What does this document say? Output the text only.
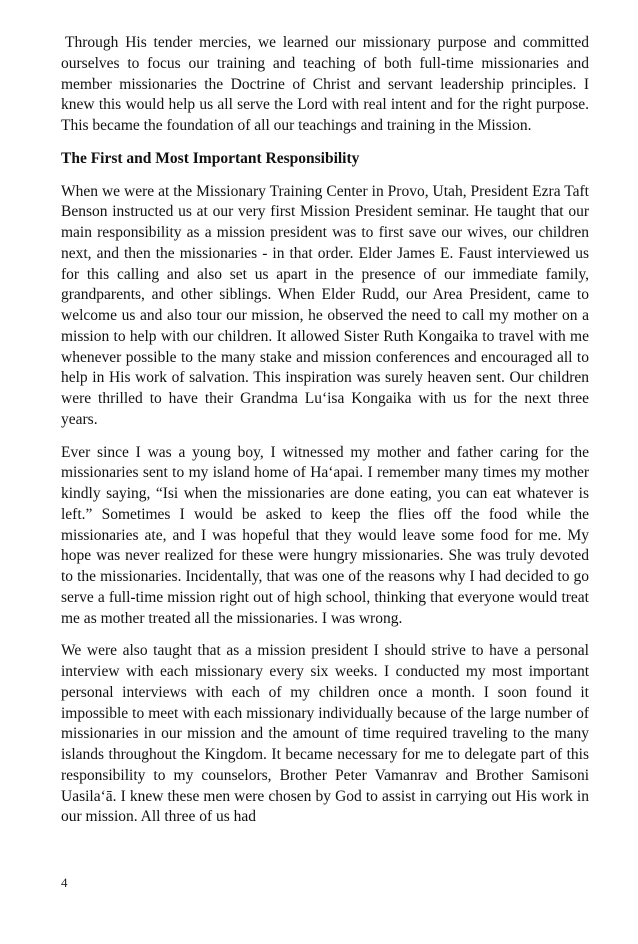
Through His tender mercies, we learned our missionary purpose and committed ourselves to focus our training and teaching of both full-time missionaries and member missionaries the Doctrine of Christ and servant leadership principles. I knew this would help us all serve the Lord with real intent and for the right purpose. This became the foundation of all our teachings and training in the Mission.

The First and Most Important Responsibility

When we were at the Missionary Training Center in Provo, Utah, President Ezra Taft Benson instructed us at our very first Mission President seminar. He taught that our main responsibility as a mission president was to first save our wives, our children next, and then the missionaries - in that order. Elder James E. Faust interviewed us for this calling and also set us apart in the presence of our immediate family, grandparents, and other siblings. When Elder Rudd, our Area President, came to welcome us and also tour our mission, he observed the need to call my mother on a mission to help with our children. It allowed Sister Ruth Kongaika to travel with me whenever possible to the many stake and mission conferences and encouraged all to help in His work of salvation. This inspiration was surely heaven sent. Our children were thrilled to have their Grandma Lu‘isa Kongaika with us for the next three years.

Ever since I was a young boy, I witnessed my mother and father caring for the missionaries sent to my island home of Ha‘apai. I remember many times my mother kindly saying, “Isi when the missionaries are done eating, you can eat whatever is left.” Sometimes I would be asked to keep the flies off the food while the missionaries ate, and I was hopeful that they would leave some food for me. My hope was never realized for these were hungry missionaries. She was truly devoted to the missionaries. Incidentally, that was one of the reasons why I had decided to go serve a full-time mission right out of high school, thinking that everyone would treat me as mother treated all the missionaries. I was wrong.

We were also taught that as a mission president I should strive to have a personal interview with each missionary every six weeks. I conducted my most important personal interviews with each of my children once a month. I soon found it impossible to meet with each missionary individually because of the large number of missionaries in our mission and the amount of time required traveling to the many islands throughout the Kingdom. It became necessary for me to delegate part of this responsibility to my counselors, Brother Peter Vamanrav and Brother Samisoni Uasila‘ā. I knew these men were chosen by God to assist in carrying out His work in our mission. All three of us had

4
